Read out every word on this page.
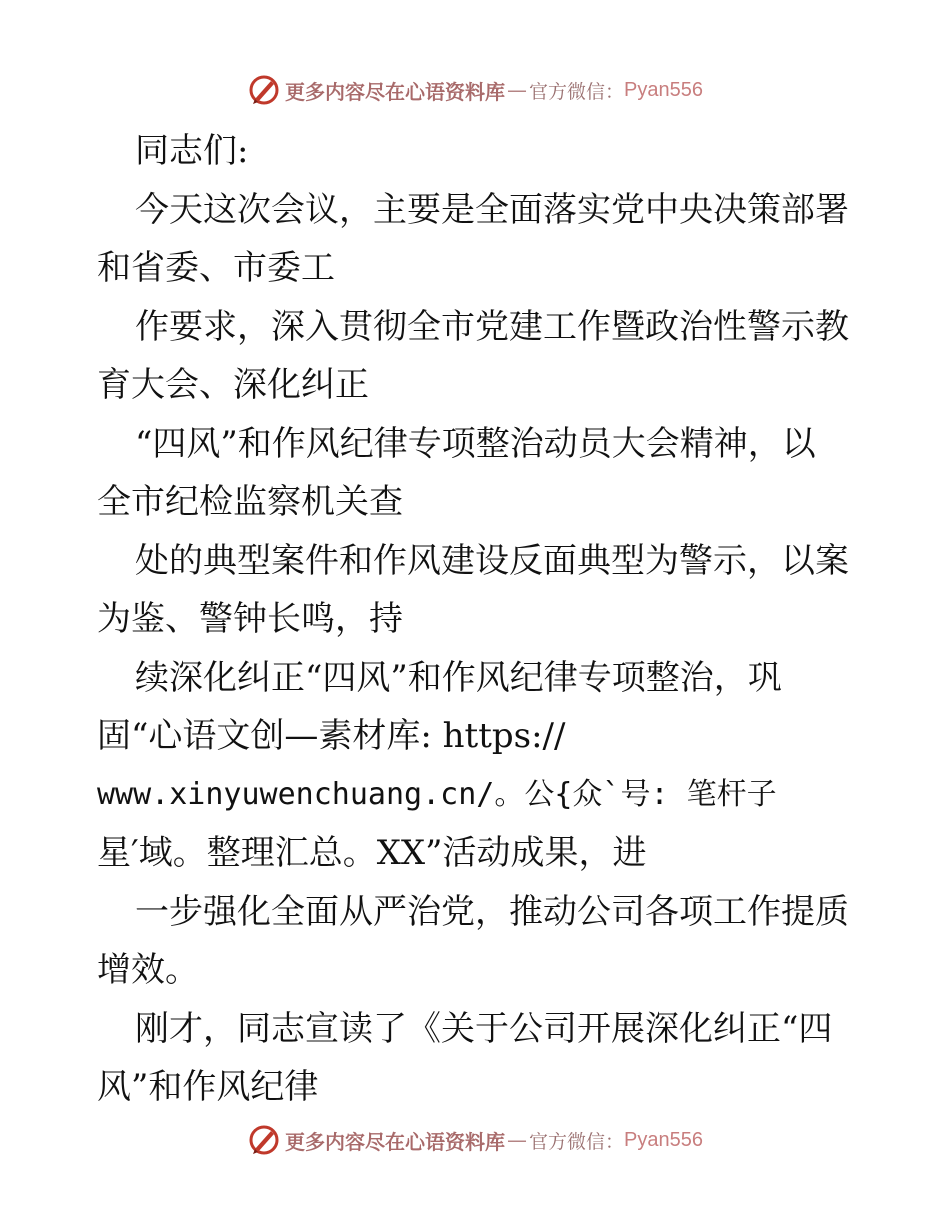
更多内容尽在心语资料库 — 官方微信： Pyan556
同志们:
今天这次会议，主要是全面落实党中央决策部署
和省委、市委工
作要求，深入贯彻全市党建工作暨政治性警示教
育大会、深化纠正
“四风”和作风纪律专项整治动员大会精神，以
全市纪检监察机关查
处的典型案件和作风建设反面典型为警示，以案
为鉴、警钟长鸣，持
续深化纠正“四风”和作风纪律专项整治，巩
固“心语文创—素材库: https://
www.xinyuwenchuang.cn/。公{众`号: 笔杆子
星′域。整理汇总。XX”活动成果，进
一步强化全面从严治党，推动公司各项工作提质
增效。
刚才，同志宣读了《关于公司开展深化纠正“四
风”和作风纪律
更多内容尽在心语资料库 — 官方微信： Pyan556
